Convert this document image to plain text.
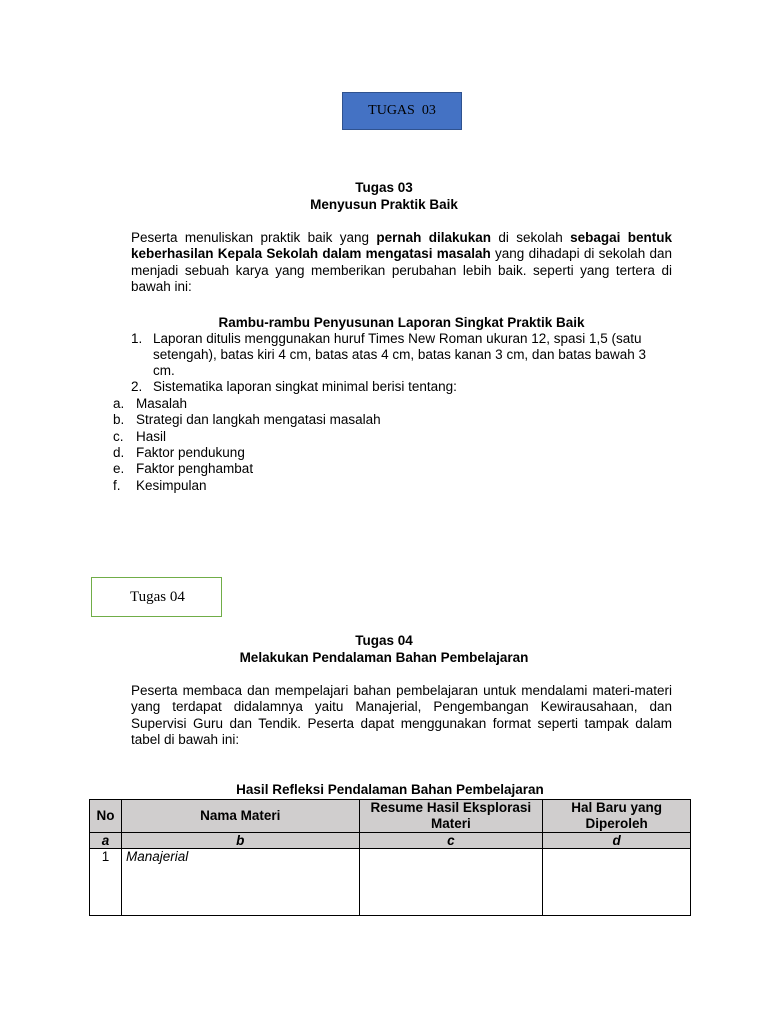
TUGAS  03
Tugas 03
Menyusun Praktik Baik
Peserta menuliskan praktik baik yang pernah dilakukan di sekolah sebagai bentuk keberhasilan Kepala Sekolah dalam mengatasi masalah yang dihadapi di sekolah dan menjadi sebuah karya yang memberikan perubahan lebih baik. seperti yang tertera di bawah ini:
Rambu-rambu Penyusunan Laporan Singkat Praktik Baik
1. Laporan ditulis menggunakan huruf Times New Roman ukuran 12, spasi 1,5 (satu
setengah), batas kiri 4 cm, batas atas 4 cm, batas kanan 3 cm, dan batas bawah 3
cm.
2. Sistematika laporan singkat minimal berisi tentang:
a. Masalah
b. Strategi dan langkah mengatasi masalah
c. Hasil
d. Faktor pendukung
e. Faktor penghambat
f. Kesimpulan
Tugas 04
Tugas 04
Melakukan Pendalaman Bahan Pembelajaran
Peserta membaca dan mempelajari bahan pembelajaran untuk mendalami materi-materi yang terdapat didalamnya yaitu Manajerial, Pengembangan Kewirausahaan, dan Supervisi Guru dan Tendik. Peserta dapat menggunakan format seperti tampak dalam tabel di bawah ini:
Hasil Refleksi Pendalaman Bahan Pembelajaran
No	Nama Materi	Resume Hasil Eksplorasi Materi	Hal Baru yang Diperoleh
a	b	c	d
1	Manajerial		
